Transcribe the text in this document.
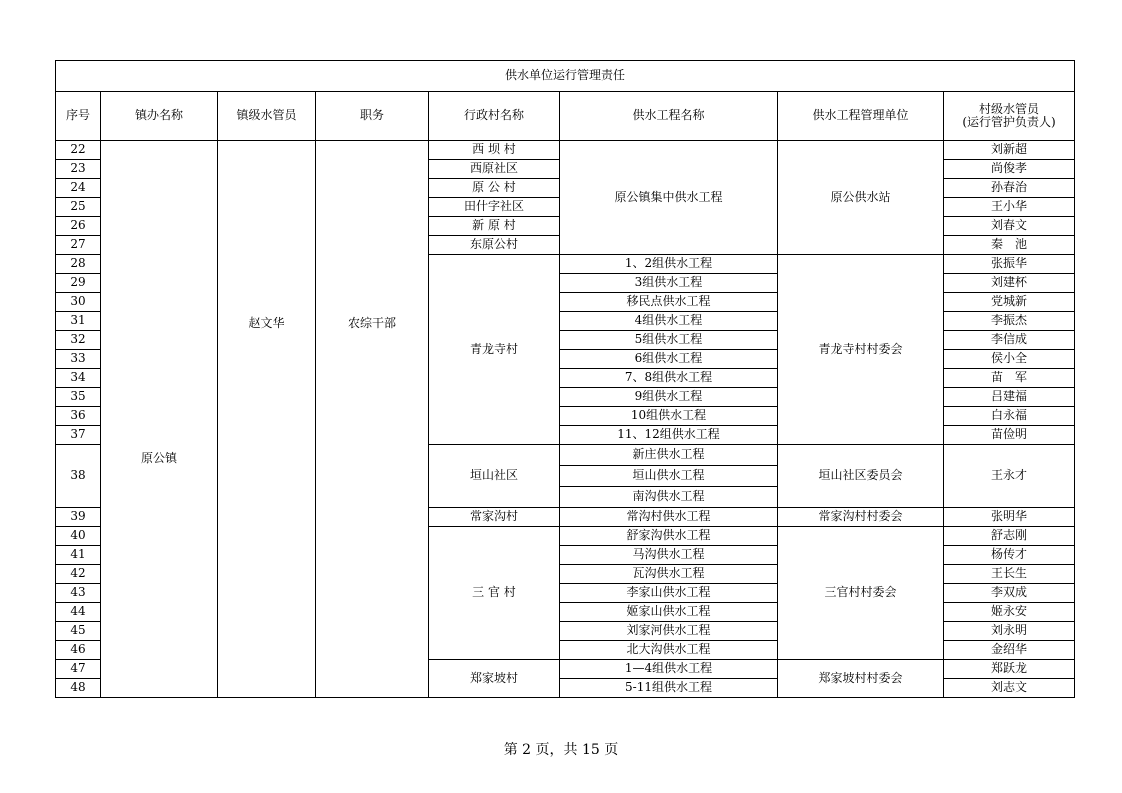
供水单位运行管理责任							
序号	镇办名称	镇级水管员	职务	行政村名称	供水工程名称	供水工程管理单位	村级水管员
(运行管护负责人)
22	原公镇	赵文华	农综干部	西 坝 村	原公镇集中供水工程	原公供水站	刘新超
23				西原社区			尚俊孝
24				原 公 村			孙春治
25				田什字社区			王小华
26				新 原 村			刘春文
27				东原公村			秦　池
28				青龙寺村	1、2组供水工程	青龙寺村村委会	张振华
29					3组供水工程		刘建杯
30					移民点供水工程		党城新
31					4组供水工程		李振杰
32					5组供水工程		李信成
33					6组供水工程		侯小全
34					7、8组供水工程		苗　军
35					9组供水工程		吕建福
36					10组供水工程		白永福
37					11、12组供水工程		苗俭明
38				垣山社区	新庄供水工程	垣山社区委员会	王永才
					垣山供水工程		
					南沟供水工程		
39				常家沟村	常沟村供水工程	常家沟村村委会	张明华
40				三 官 村	舒家沟供水工程	三官村村委会	舒志刚
41					马沟供水工程		杨传才
42					瓦沟供水工程		王长生
43					李家山供水工程		李双成
44					姬家山供水工程		姬永安
45					刘家河供水工程		刘永明
46					北大沟供水工程		金绍华
47				郑家坡村	1—4组供水工程	郑家坡村村委会	郑跃龙
48					5-11组供水工程		刘志文
第 2 页，共 15 页
